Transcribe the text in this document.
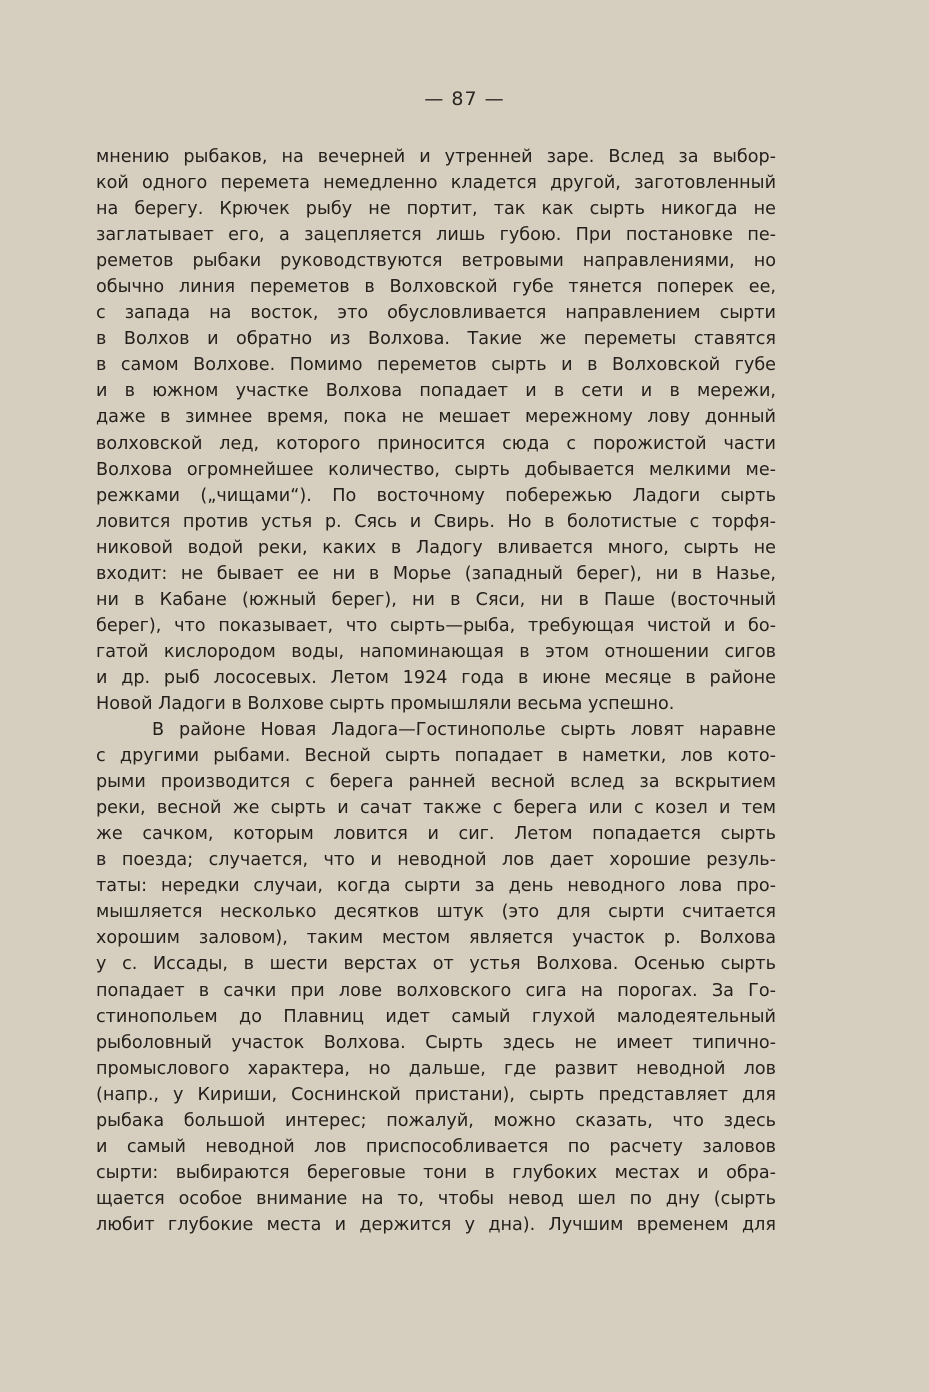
— 87 —
мнению рыбаков, на вечерней и утренней заре. Вслед за выбор-
кой одного перемета немедленно кладется другой, заготовленный
на берегу. Крючек рыбу не портит, так как сырть никогда не
заглатывает его, а зацепляется лишь губою. При постановке пе-
реметов рыбаки руководствуются ветровыми направлениями, но
обычно линия переметов в Волховской губе тянется поперек ее,
с запада на восток, это обусловливается направлением сырти
в Волхов и обратно из Волхова. Такие же переметы ставятся
в самом Волхове. Помимо переметов сырть и в Волховской губе
и в южном участке Волхова попадает и в сети и в мережи,
даже в зимнее время, пока не мешает мережному лову донный
волховской лед, которого приносится сюда с порожистой части
Волхова огромнейшее количество, сырть добывается мелкими ме-
режками („чищами“). По восточному побережью Ладоги сырть
ловится против устья р. Сясь и Свирь. Но в болотистые с торфя-
никовой водой реки, каких в Ладогу вливается много, сырть не
входит: не бывает ее ни в Морье (западный берег), ни в Назье,
ни в Кабане (южный берег), ни в Сяси, ни в Паше (восточный
берег), что показывает, что сырть—рыба, требующая чистой и бо-
гатой кислородом воды, напоминающая в этом отношении сигов
и др. рыб лососевых. Летом 1924 года в июне месяце в районе
Новой Ладоги в Волхове сырть промышляли весьма успешно.
В районе Новая Ладога—Гостинополье сырть ловят наравне
с другими рыбами. Весной сырть попадает в наметки, лов кото-
рыми производится с берега ранней весной вслед за вскрытием
реки, весной же сырть и сачат также с берега или с козел и тем
же сачком, которым ловится и сиг. Летом попадается сырть
в поезда; случается, что и неводной лов дает хорошие резуль-
таты: нередки случаи, когда сырти за день неводного лова про-
мышляется несколько десятков штук (это для сырти считается
хорошим заловом), таким местом является участок р. Волхова
у с. Иссады, в шести верстах от устья Волхова. Осенью сырть
попадает в сачки при лове волховского сига на порогах. За Го-
стинопольем до Плавниц идет самый глухой малодеятельный
рыболовный участок Волхова. Сырть здесь не имеет типично-
промыслового характера, но дальше, где развит неводной лов
(напр., у Кириши, Соснинской пристани), сырть представляет для
рыбака большой интерес; пожалуй, можно сказать, что здесь
и самый неводной лов приспособливается по расчету заловов
сырти: выбираются береговые тони в глубоких местах и обра-
щается особое внимание на то, чтобы невод шел по дну (сырть
любит глубокие места и держится у дна). Лучшим временем для
